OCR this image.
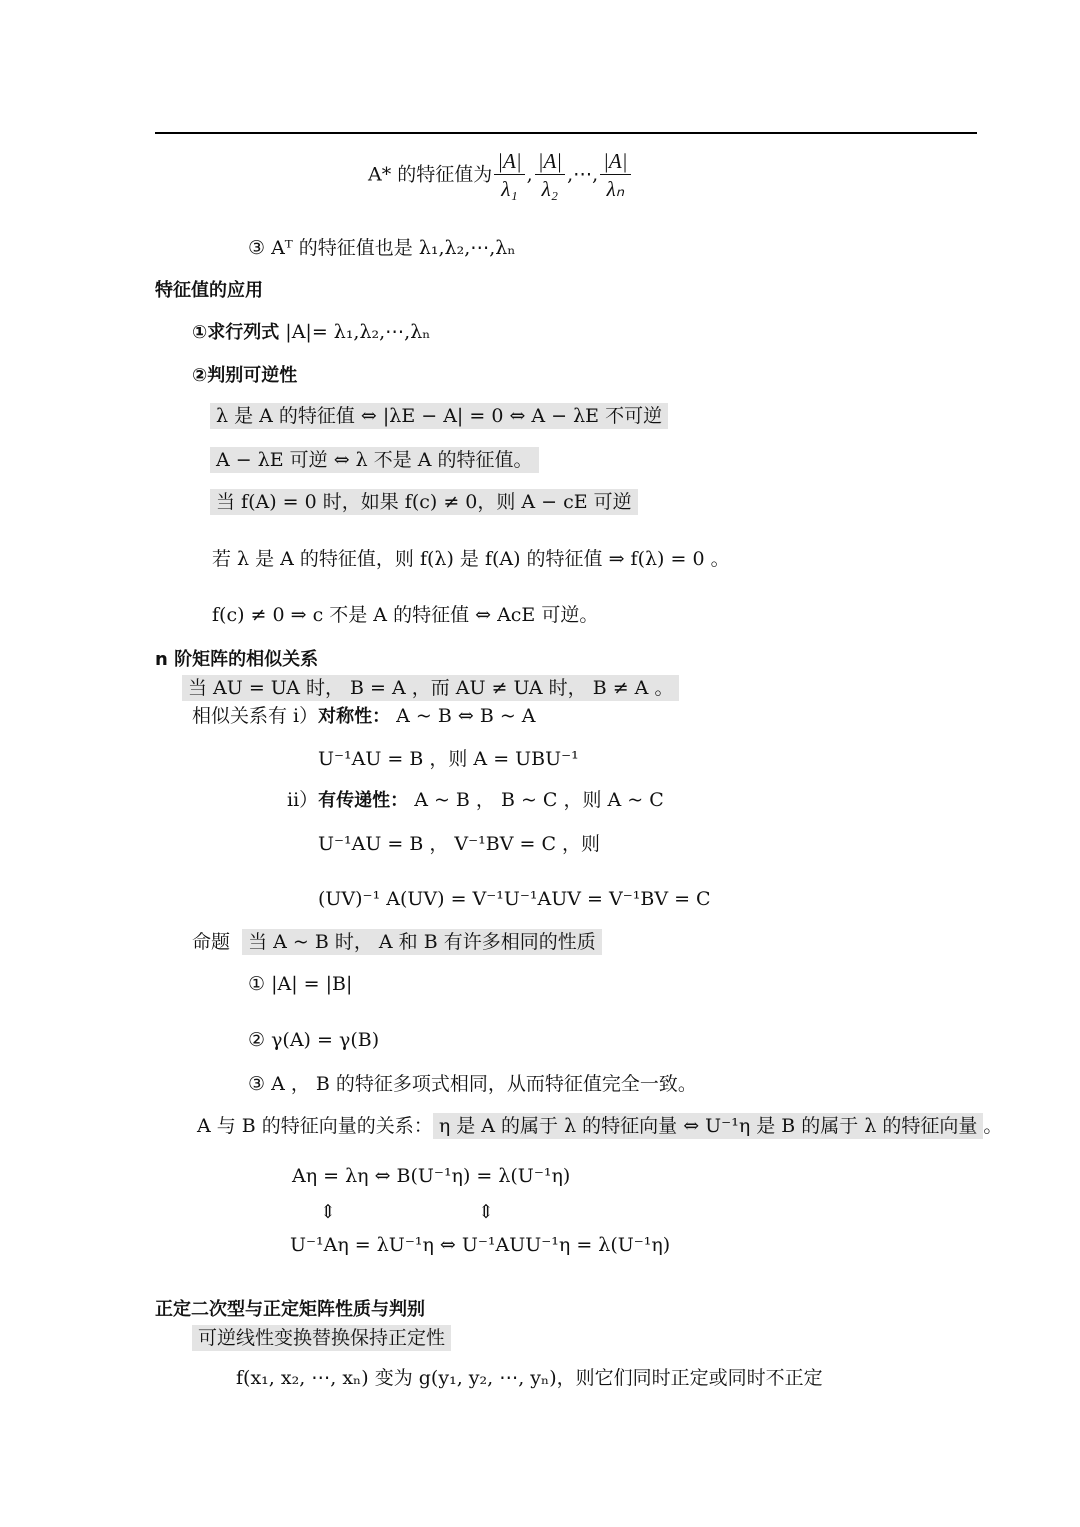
A* 的特征值为 $\frac{|A|}{\text{λ₁}}$ , $\frac{|A|}{\text{λ₂}}$ ,⋯, $\frac{|A|}{\text{λₙ}}$
③ Aᵀ 的特征值也是 λ₁,λ₂,⋯,λₙ
特征值的应用
①求行列式 |A|= λ₁,λ₂,⋯,λₙ
②判别可逆性
λ 是 A 的特征值 ⇔ |λE − A| = 0 ⇔ A − λE 不可逆
A − λE 可逆 ⇔ λ 不是 A 的特征值。
当 f(A) = 0 时，如果 f(c) ≠ 0，则 A − cE 可逆
若 λ 是 A 的特征值，则 f(λ) 是 f(A) 的特征值 ⇒ f(λ) = 0 。
f(c) ≠ 0 ⇒ c 不是 A 的特征值 ⇔ AcE 可逆。
n 阶矩阵的相似关系
当 AU = UA 时， B = A ，而 AU ≠ UA 时， B ≠ A 。
相似关系有 i）对称性： A ~ B ⇔ B ~ A
U⁻¹AU = B ，则 A = UBU⁻¹
ii）有传递性： A ~ B ， B ~ C ，则 A ~ C
U⁻¹AU = B ， V⁻¹BV = C ，则
(UV)⁻¹ A(UV) = V⁻¹U⁻¹AUV = V⁻¹BV = C
命题 当 A ~ B 时， A 和 B 有许多相同的性质
① |A| = |B|
② γ(A) = γ(B)
③ A ， B 的特征多项式相同，从而特征值完全一致。
A 与 B 的特征向量的关系： η 是 A 的属于 λ 的特征向量 ⇔ U⁻¹η 是 B 的属于 λ 的特征向量 。
Aη = λη ⇔ B(U⁻¹η) = λ(U⁻¹η)
⇕	⇕
U⁻¹Aη = λU⁻¹η ⇔ U⁻¹AUU⁻¹η = λ(U⁻¹η)
正定二次型与正定矩阵性质与判别
可逆线性变换替换保持正定性
f(x₁, x₂, ⋯, xₙ) 变为 g(y₁, y₂, ⋯, yₙ)，则它们同时正定或同时不正定
